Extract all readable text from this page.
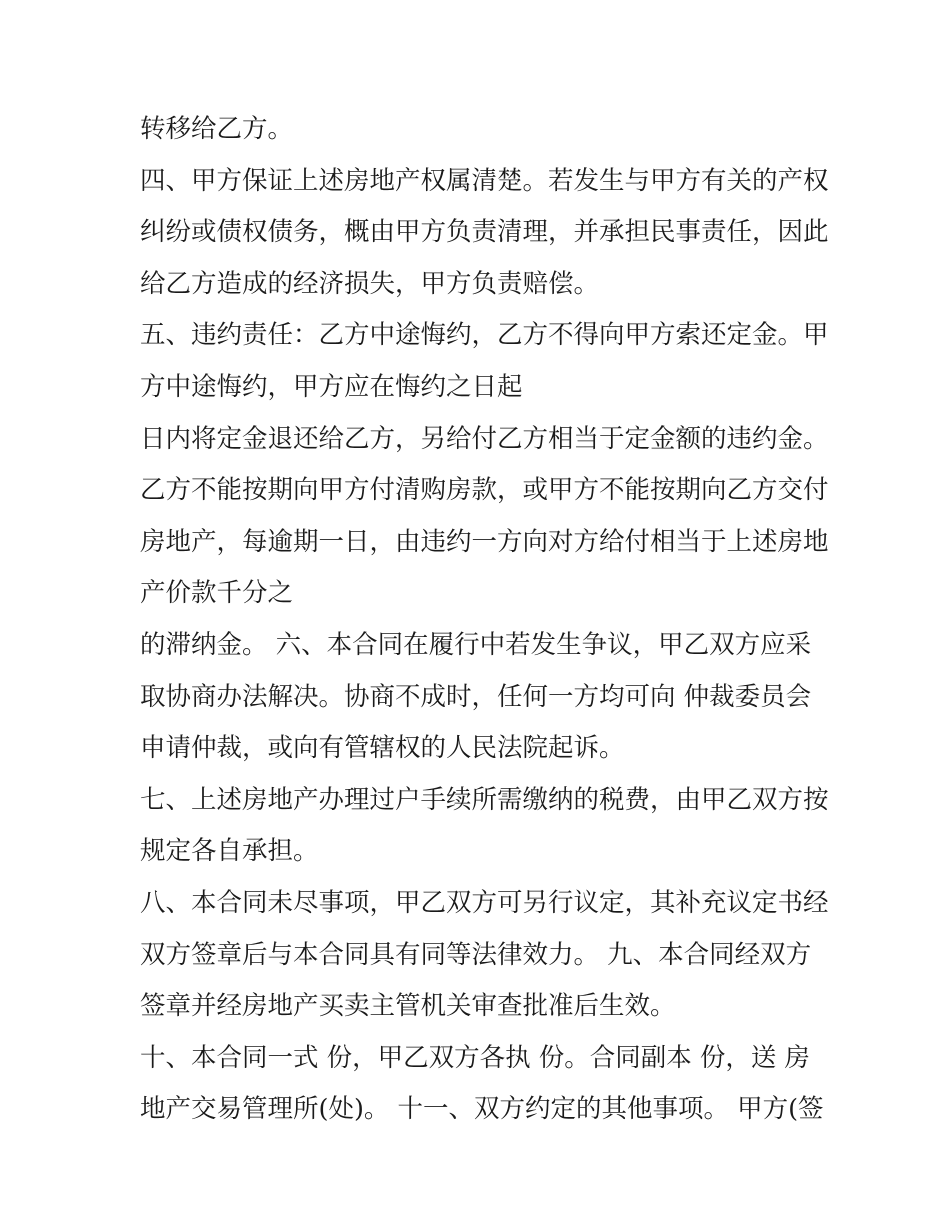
转移给乙方。
四、甲方保证上述房地产权属清楚。若发生与甲方有关的产权
纠纷或债权债务，概由甲方负责清理，并承担民事责任，因此
给乙方造成的经济损失，甲方负责赔偿。
五、违约责任：乙方中途悔约，乙方不得向甲方索还定金。甲
方中途悔约，甲方应在悔约之日起
日内将定金退还给乙方，另给付乙方相当于定金额的违约金。
乙方不能按期向甲方付清购房款，或甲方不能按期向乙方交付
房地产，每逾期一日，由违约一方向对方给付相当于上述房地
产价款千分之
的滞纳金。 六、本合同在履行中若发生争议，甲乙双方应采
取协商办法解决。协商不成时，任何一方均可向 仲裁委员会
申请仲裁，或向有管辖权的人民法院起诉。
七、上述房地产办理过户手续所需缴纳的税费，由甲乙双方按
规定各自承担。
八、本合同未尽事项，甲乙双方可另行议定，其补充议定书经
双方签章后与本合同具有同等法律效力。 九、本合同经双方
签章并经房地产买卖主管机关审查批准后生效。
十、本合同一式 份，甲乙双方各执 份。合同副本 份，送 房
地产交易管理所(处)。 十一、双方约定的其他事项。 甲方(签
